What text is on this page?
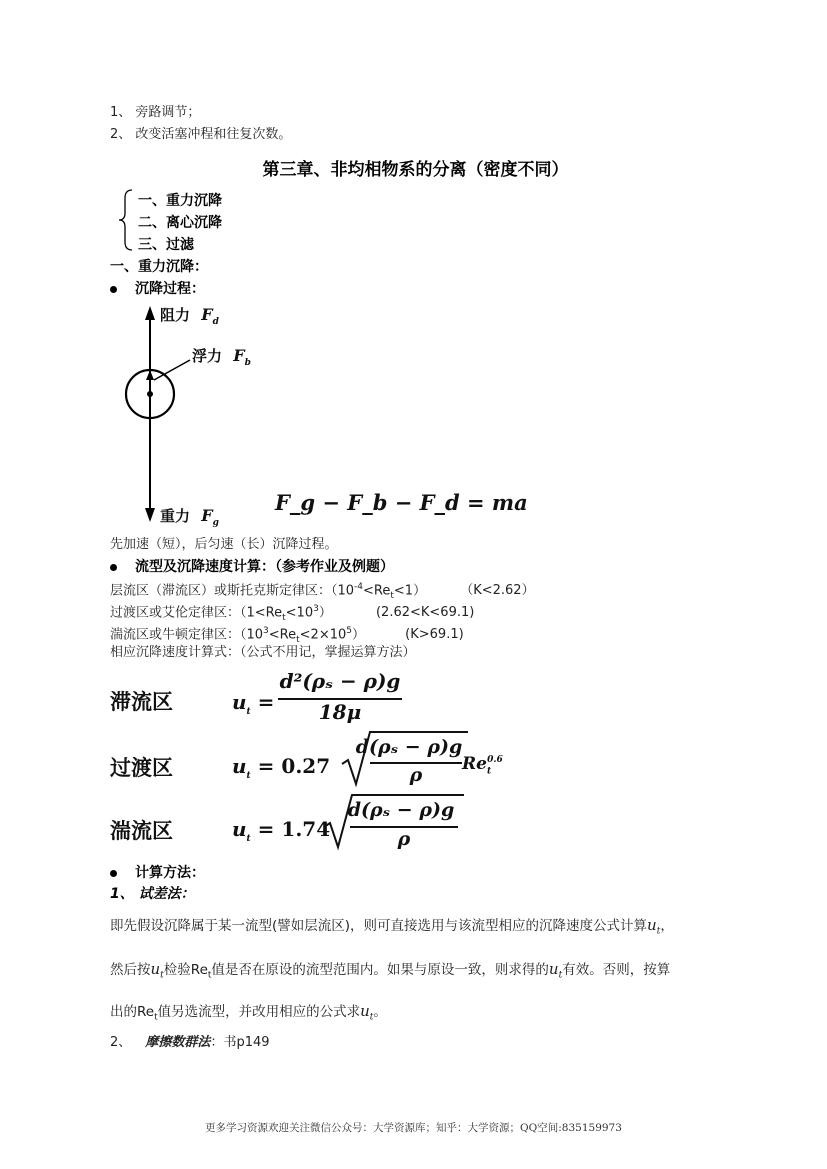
1、 旁路调节；
2、 改变活塞冲程和往复次数。
第三章、非均相物系的分离（密度不同）
一、重力沉降
二、离心沉降
三、过滤
一、重力沉降：
沉降过程：
阻力 $F_d$
浮力 $F_b$
重力 $F_g$
F_g − F_b − F_d = ma
先加速（短），后匀速（长）沉降过程。
流型及沉降速度计算：（参考作业及例题）
层流区（滞流区）或斯托克斯定律区：$(10^{-4}<Re_t<1)$	（K<2.62）
过渡区或艾伦定律区：$(1<Re_t<10^3)$	(2.62<K<69.1)
湍流区或牛顿定律区：$(10^3<Re_t<2\times 10^5)$	(K>69.1)
相应沉降速度计算式：（公式不用记，掌握运算方法）
滞流区	$u_t$ =
d²(ρₛ − ρ)g
18μ
过渡区	$u_t = 0.27$
d(ρₛ − ρ)g
ρ	$Re_t^{0.6}$
湍流区	$u_t = 1.74$
d(ρₛ − ρ)g
ρ
计算方法：
1、 试差法：
即先假设沉降属于某一流型(譬如层流区)，则可直接选用与该流型相应的沉降速度公式计算$u_t$，
然后按$u_t$检验$Re_t$值是否在原设的流型范围内。如果与原设一致，则求得的$u_t$有效。否则，按算
出的$Re_t$值另选流型，并改用相应的公式求$u_t$。
2、 摩擦数群法：书p149
更多学习资源欢迎关注微信公众号：大学资源库；知乎：大学资源；QQ空间:835159973
